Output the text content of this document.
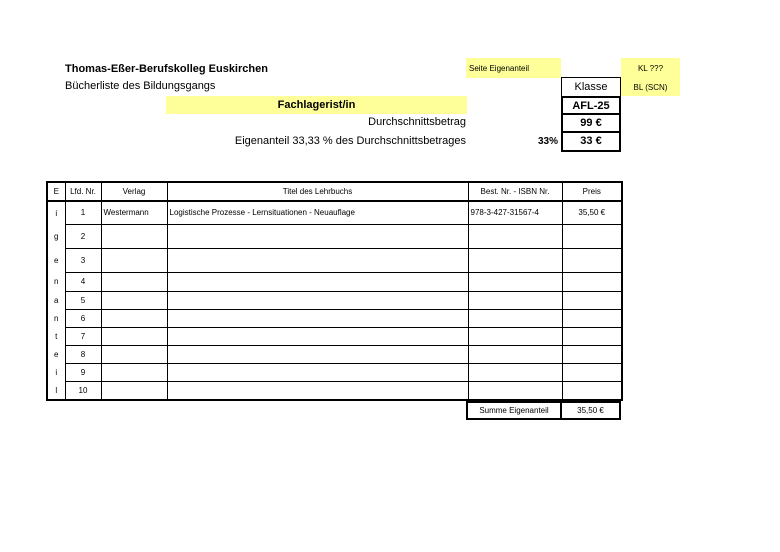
Thomas-Eßer-Berufskolleg Euskirchen
Bücherliste des Bildungsgangs
Fachlagerist/in
Durchschnittsbetrag
Eigenanteil 33,33 % des Durchschnittsbetrages	33%
Seite Eigenanteil	KL ???
BL (SCN)
Klasse
AFL-25
99 €
33 €
E	Lfd. Nr.	Verlag	Titel des Lehrbuchs	Best. Nr. - ISBN Nr.	Preis
i	1	Westermann	Logistische Prozesse - Lernsituationen - Neuauflage	978-3-427-31567-4	35,50 €
g	2				
e	3				
n	4				
a	5				
n	6				
t	7				
e	8				
i	9				
l	10				
Summe Eigenanteil	35,50 €
